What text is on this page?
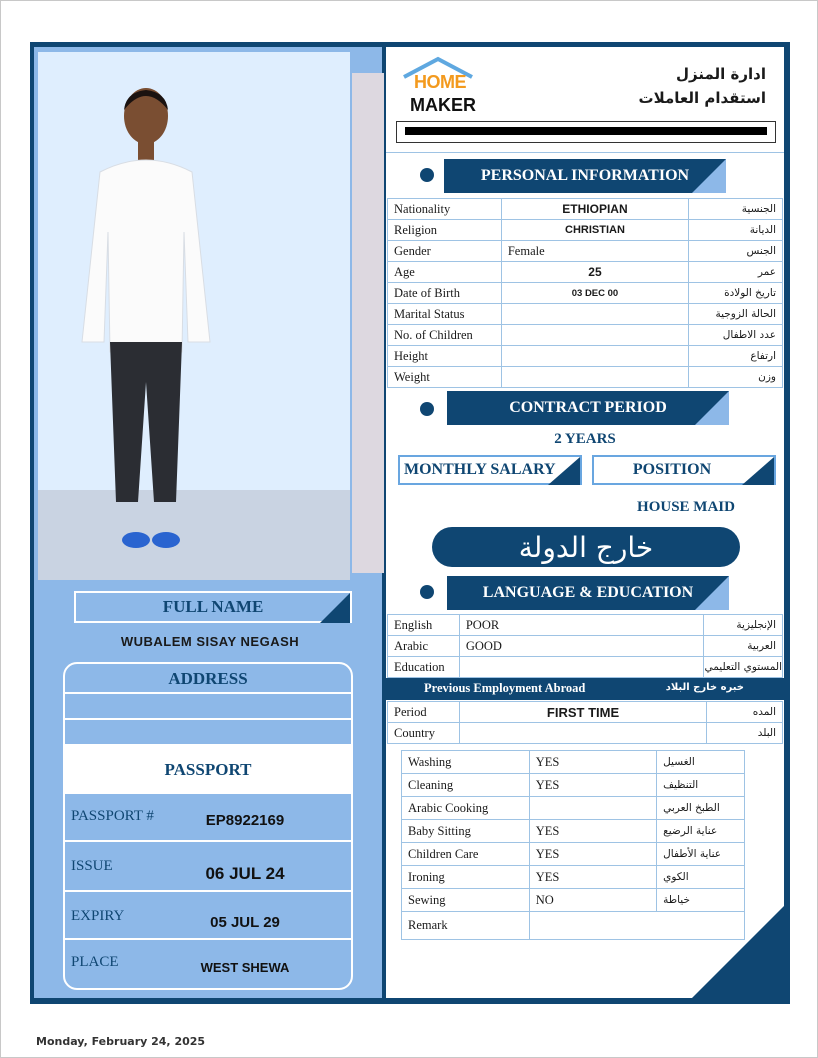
FULL NAME
WUBALEM SISAY NEGASH
ADDRESS
PASSPORT
PASSPORT #	EP8922169
ISSUE	06 JUL 24
EXPIRY	05 JUL 29
PLACE	WEST SHEWA
HOME
MAKER
ادارة المنزل
استقدام العاملات
PERSONAL INFORMATION
Nationality	ETHIOPIAN	الجنسية
Religion	CHRISTIAN	الديانة
Gender	Female	الجنس
Age	25	عمر
Date of Birth	03 DEC 00	تاريخ الولادة
Marital Status		الحالة الزوجية
No. of Children		عدد الاطفال
Height		ارتفاع
Weight		وزن
CONTRACT PERIOD
2 YEARS
MONTHLY SALARY	POSITION
HOUSE MAID
خارج الدولة
LANGUAGE & EDUCATION
English	POOR	الإنجليزية
Arabic	GOOD	العربية
Education		المستوي التعليمي
Previous Employment Abroad	خبره خارج البلاد
Period	FIRST TIME	المده
Country		البلد
Washing	YES	الغسيل
Cleaning	YES	التنظيف
Arabic Cooking		الطبخ العربي
Baby Sitting	YES	عناية الرضيع
Children Care	YES	عناية الأطفال
Ironing	YES	الكوي
Sewing	NO	خياطة
Remark		
Monday, February 24, 2025
